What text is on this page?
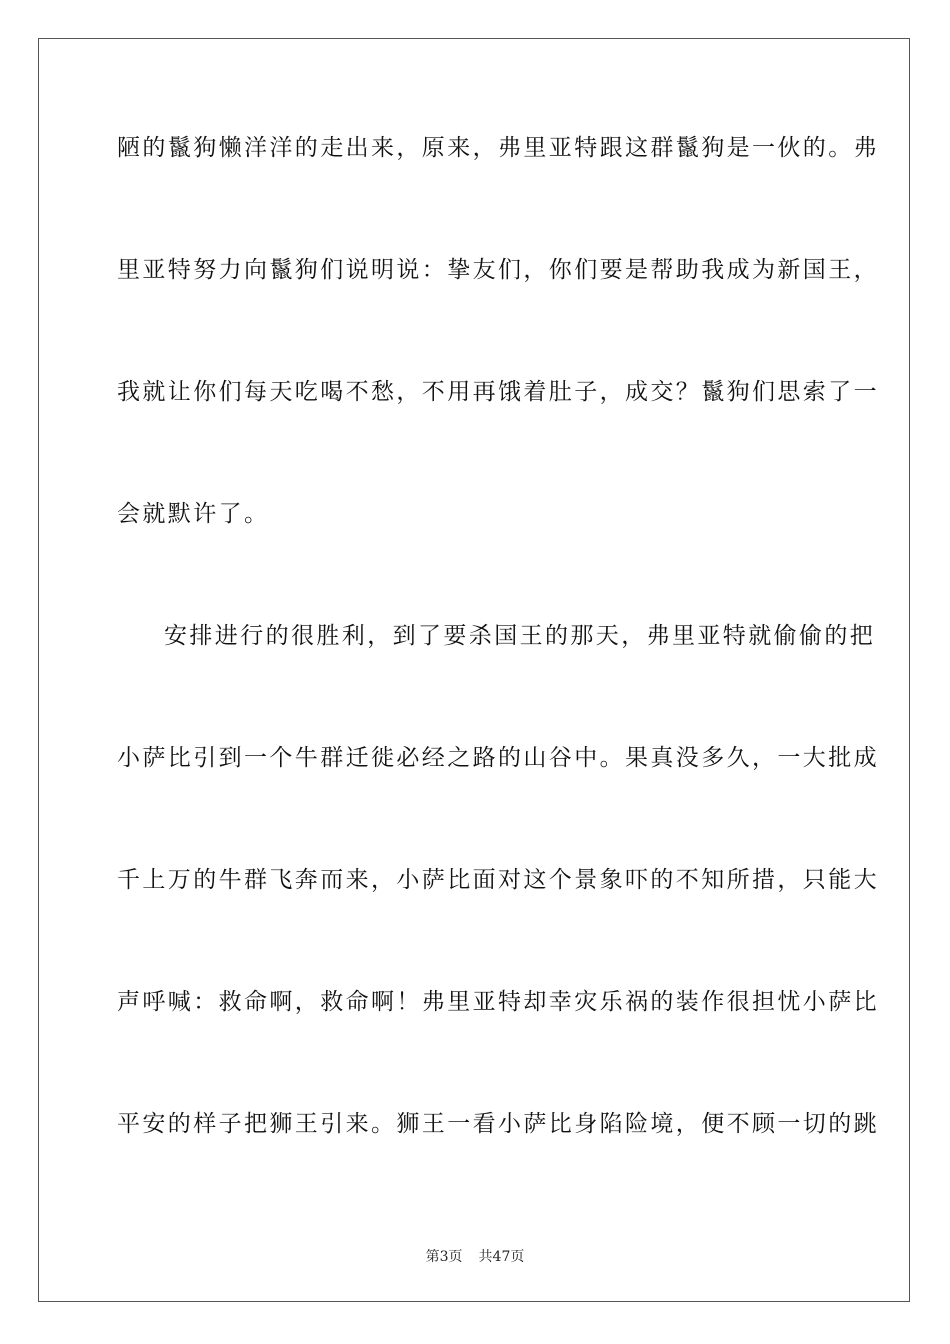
陋的鬣狗懒洋洋的走出来，原来，弗里亚特跟这群鬣狗是一伙的。弗
里亚特努力向鬣狗们说明说：挚友们，你们要是帮助我成为新国王，
我就让你们每天吃喝不愁，不用再饿着肚子，成交？鬣狗们思索了一
会就默许了。
安排进行的很胜利，到了要杀国王的那天，弗里亚特就偷偷的把
小萨比引到一个牛群迁徙必经之路的山谷中。果真没多久，一大批成
千上万的牛群飞奔而来，小萨比面对这个景象吓的不知所措，只能大
声呼喊：救命啊，救命啊！弗里亚特却幸灾乐祸的装作很担忧小萨比
平安的样子把狮王引来。狮王一看小萨比身陷险境，便不顾一切的跳
第3页 共47页
